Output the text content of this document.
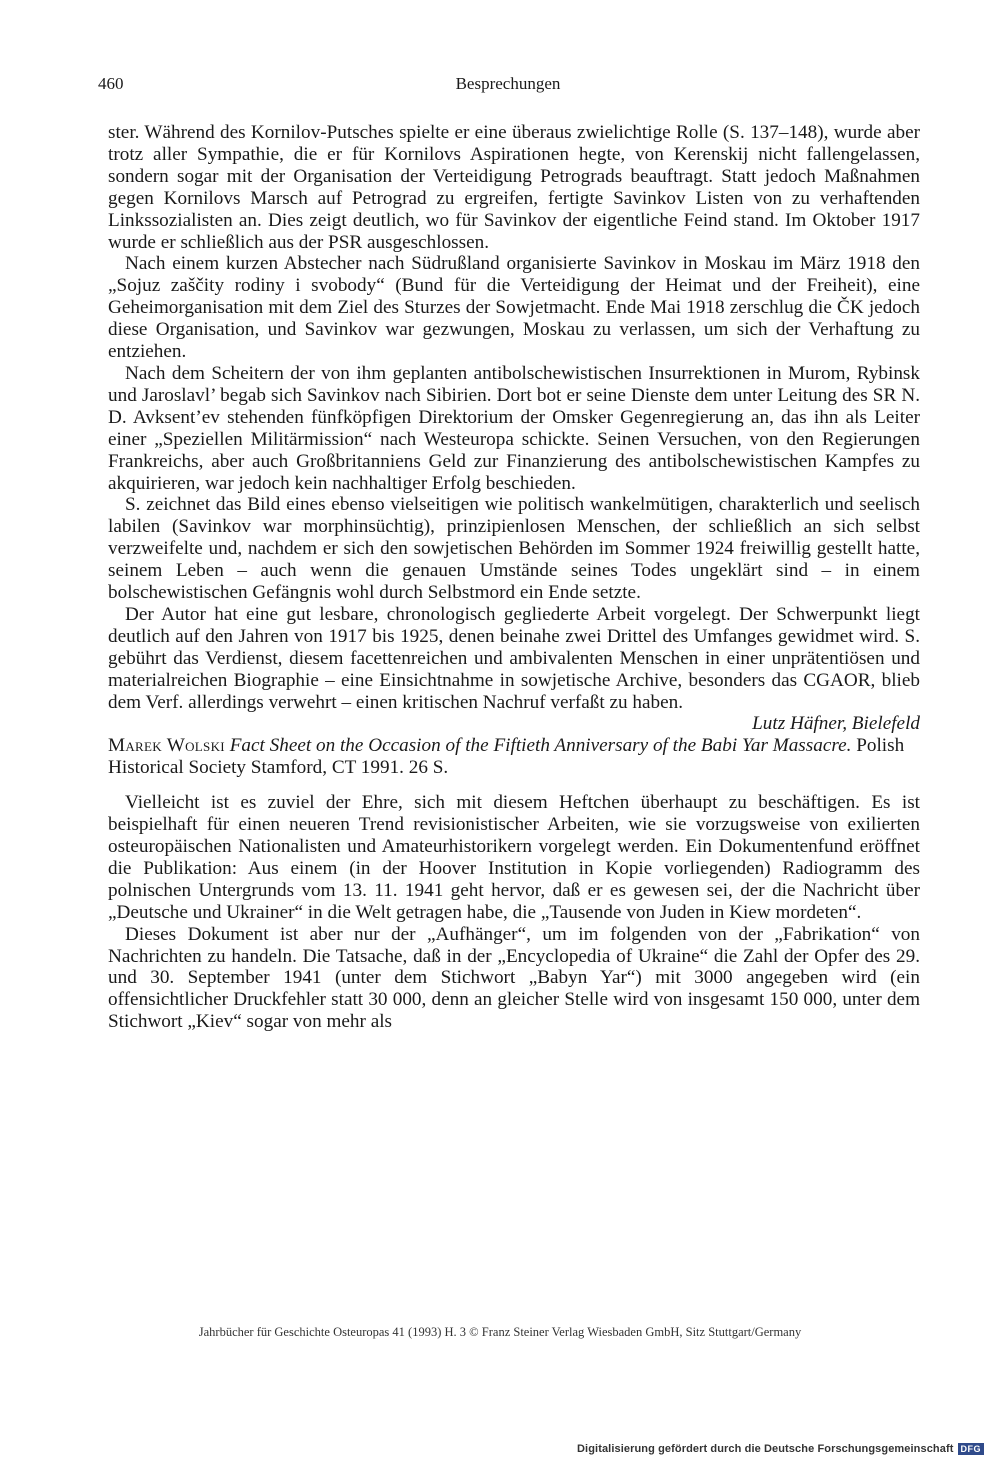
460	Besprechungen

ster. Während des Kornilov-Putsches spielte er eine überaus zwielichtige Rolle (S. 137–148), wurde aber trotz aller Sympathie, die er für Kornilovs Aspirationen hegte, von Kerenskij nicht fallengelassen, sondern sogar mit der Organisation der Verteidigung Petrograds beauftragt. Statt jedoch Maßnahmen gegen Kornilovs Marsch auf Petrograd zu ergreifen, fertigte Savinkov Listen von zu verhaftenden Linkssozialisten an. Dies zeigt deutlich, wo für Savinkov der eigentliche Feind stand. Im Oktober 1917 wurde er schließlich aus der PSR ausgeschlossen.

Nach einem kurzen Abstecher nach Südrußland organisierte Savinkov in Moskau im März 1918 den „Sojuz zaščity rodiny i svobody“ (Bund für die Verteidigung der Heimat und der Freiheit), eine Geheimorganisation mit dem Ziel des Sturzes der Sowjetmacht. Ende Mai 1918 zerschlug die ČK jedoch diese Organisation, und Savinkov war gezwungen, Moskau zu verlassen, um sich der Verhaftung zu entziehen.

Nach dem Scheitern der von ihm geplanten antibolschewistischen Insurrektionen in Murom, Rybinsk und Jaroslavl’ begab sich Savinkov nach Sibirien. Dort bot er seine Dienste dem unter Leitung des SR N. D. Avksent’ev stehenden fünfköpfigen Direktorium der Omsker Gegenregierung an, das ihn als Leiter einer „Speziellen Militärmission“ nach Westeuropa schickte. Seinen Versuchen, von den Regierungen Frankreichs, aber auch Großbritanniens Geld zur Finanzierung des antibolschewistischen Kampfes zu akquirieren, war jedoch kein nachhaltiger Erfolg beschieden.

S. zeichnet das Bild eines ebenso vielseitigen wie politisch wankelmütigen, charakterlich und seelisch labilen (Savinkov war morphinsüchtig), prinzipienlosen Menschen, der schließlich an sich selbst verzweifelte und, nachdem er sich den sowjetischen Behörden im Sommer 1924 freiwillig gestellt hatte, seinem Leben – auch wenn die genauen Umstände seines Todes ungeklärt sind – in einem bolschewistischen Gefängnis wohl durch Selbstmord ein Ende setzte.

Der Autor hat eine gut lesbare, chronologisch gegliederte Arbeit vorgelegt. Der Schwerpunkt liegt deutlich auf den Jahren von 1917 bis 1925, denen beinahe zwei Drittel des Umfanges gewidmet wird. S. gebührt das Verdienst, diesem facettenreichen und ambivalenten Menschen in einer unprätentiösen und materialreichen Biographie – eine Einsichtnahme in sowjetische Archive, besonders das CGAOR, blieb dem Verf. allerdings verwehrt – einen kritischen Nachruf verfaßt zu haben.

Lutz Häfner, Bielefeld

Marek Wolski Fact Sheet on the Occasion of the Fiftieth Anniversary of the Babi Yar Massacre. Polish Historical Society Stamford, CT 1991. 26 S.

Vielleicht ist es zuviel der Ehre, sich mit diesem Heftchen überhaupt zu beschäftigen. Es ist beispielhaft für einen neueren Trend revisionistischer Arbeiten, wie sie vorzugsweise von exilierten osteuropäischen Nationalisten und Amateurhistorikern vorgelegt werden. Ein Dokumentenfund eröffnet die Publikation: Aus einem (in der Hoover Institution in Kopie vorliegenden) Radiogramm des polnischen Untergrunds vom 13. 11. 1941 geht hervor, daß er es gewesen sei, der die Nachricht über „Deutsche und Ukrainer“ in die Welt getragen habe, die „Tausende von Juden in Kiew mordeten“.

Dieses Dokument ist aber nur der „Aufhänger“, um im folgenden von der „Fabrikation“ von Nachrichten zu handeln. Die Tatsache, daß in der „Encyclopedia of Ukraine“ die Zahl der Opfer des 29. und 30. September 1941 (unter dem Stichwort „Babyn Yar“) mit 3000 angegeben wird (ein offensichtlicher Druckfehler statt 30 000, denn an gleicher Stelle wird von insgesamt 150 000, unter dem Stichwort „Kiev“ sogar von mehr als

Jahrbücher für Geschichte Osteuropas 41 (1993) H. 3 © Franz Steiner Verlag Wiesbaden GmbH, Sitz Stuttgart/Germany
Digitalisierung gefördert durch die Deutsche Forschungsgemeinschaft DFG
